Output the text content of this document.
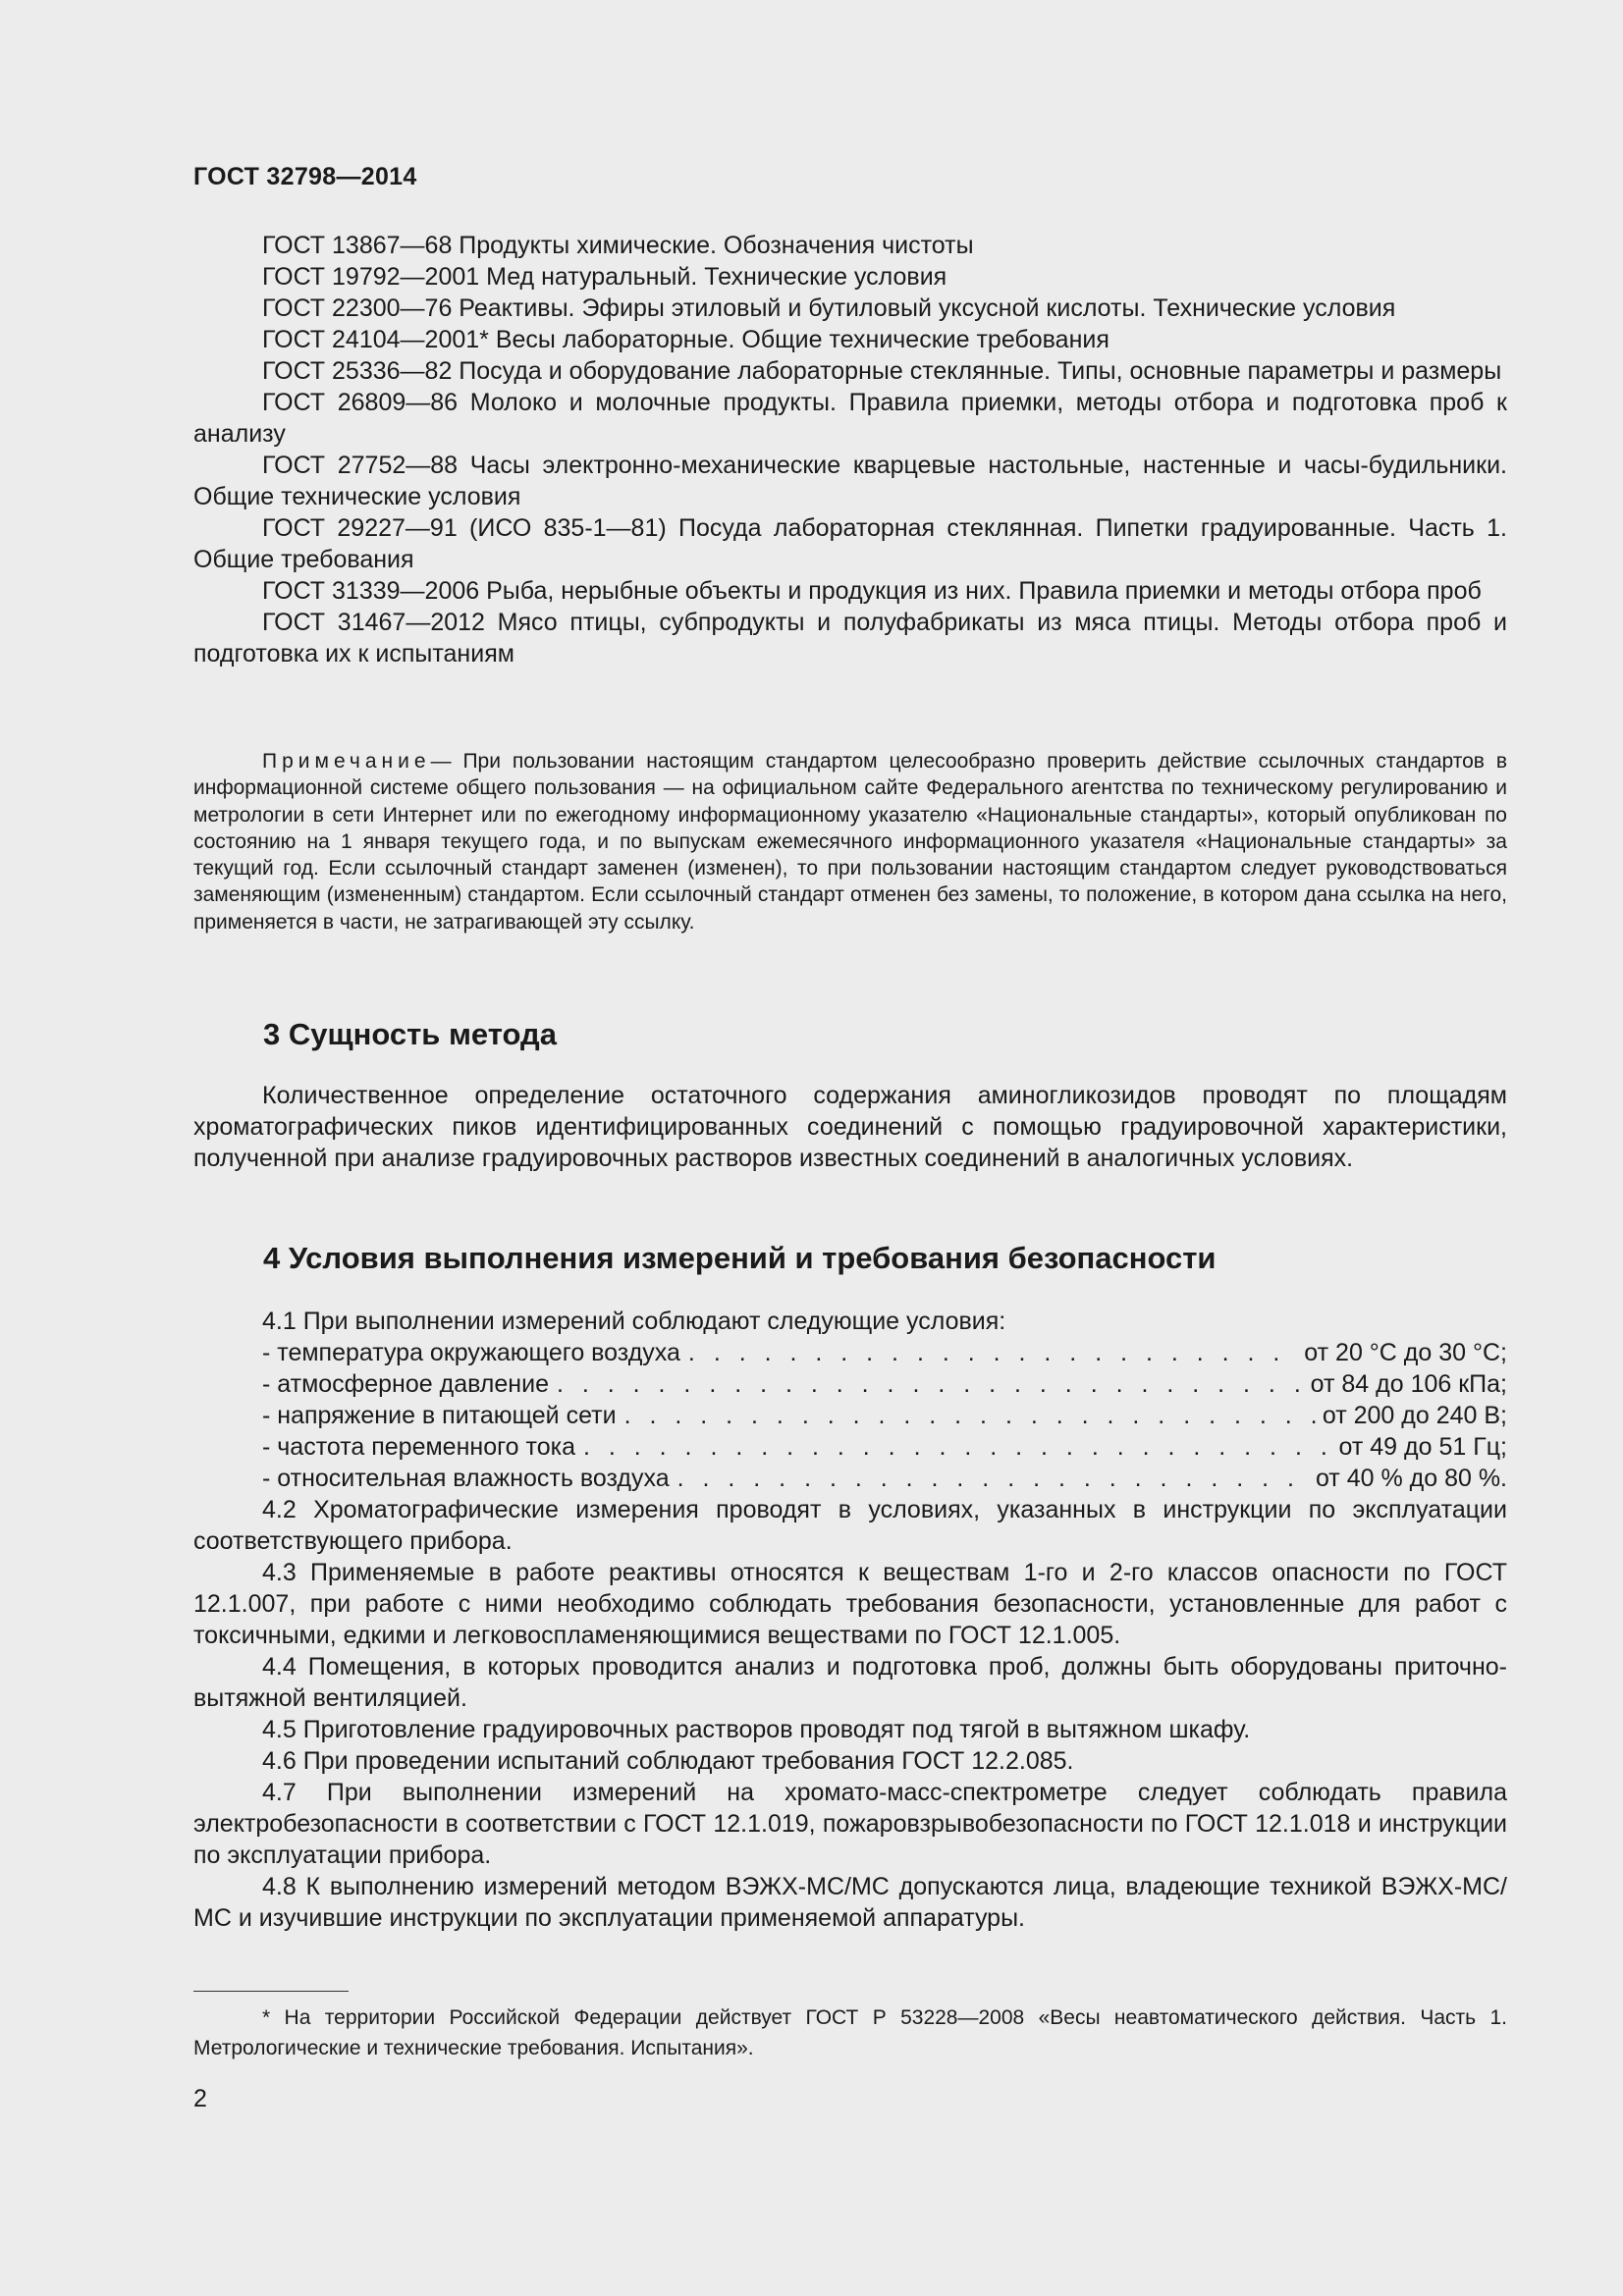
ГОСТ 32798—2014

ГОСТ 13867—68 Продукты химические. Обозначения чистоты

ГОСТ 19792—2001 Мед натуральный. Технические условия

ГОСТ 22300—76 Реактивы. Эфиры этиловый и бутиловый уксусной кислоты. Технические условия

ГОСТ 24104—2001* Весы лабораторные. Общие технические требования

ГОСТ 25336—82 Посуда и оборудование лабораторные стеклянные. Типы, основные параметры и размеры

ГОСТ 26809—86 Молоко и молочные продукты. Правила приемки, методы отбора и подготовка проб к анализу

ГОСТ 27752—88 Часы электронно-механические кварцевые настольные, настенные и часы-будильники. Общие технические условия

ГОСТ 29227—91 (ИСО 835-1—81) Посуда лабораторная стеклянная. Пипетки градуированные. Часть 1. Общие требования

ГОСТ 31339—2006 Рыба, нерыбные объекты и продукция из них. Правила приемки и методы отбора проб

ГОСТ 31467—2012 Мясо птицы, субпродукты и полуфабрикаты из мяса птицы. Методы отбора проб и подготовка их к испытаниям

Примечание— При пользовании настоящим стандартом целесообразно проверить действие ссылочных стандартов в информационной системе общего пользования — на официальном сайте Федерального агентства по техническому регулированию и метрологии в сети Интернет или по ежегодному информационному указателю «Национальные стандарты», который опубликован по состоянию на 1 января текущего года, и по выпускам ежемесячного информационного указателя «Национальные стандарты» за текущий год. Если ссылочный стандарт заменен (изменен), то при пользовании настоящим стандартом следует руководствоваться заменяющим (измененным) стандартом. Если ссылочный стандарт отменен без замены, то положение, в котором дана ссылка на него, применяется в части, не затрагивающей эту ссылку.

3 Сущность метода

Количественное определение остаточного содержания аминогликозидов проводят по площадям хроматографических пиков идентифицированных соединений с помощью градуировочной характеристики, полученной при анализе градуировочных растворов известных соединений в аналогичных условиях.

4 Условия выполнения измерений и требования безопасности

4.1 При выполнении измерений соблюдают следующие условия:

- температура окружающего воздуха . . .	от 20 °С до 30 °С;
- атмосферное давление . . .	от 84 до 106 кПа;
- напряжение в питающей сети . . .	от 200 до 240 В;
- частота переменного тока . . .	от 49 до 51 Гц;
- относительная влажность воздуха . . .	от 40 % до 80 %.

4.2 Хроматографические измерения проводят в условиях, указанных в инструкции по эксплуатации соответствующего прибора.

4.3 Применяемые в работе реактивы относятся к веществам 1-го и 2-го классов опасности по ГОСТ 12.1.007, при работе с ними необходимо соблюдать требования безопасности, установленные для работ с токсичными, едкими и легковоспламеняющимися веществами по ГОСТ 12.1.005.

4.4 Помещения, в которых проводится анализ и подготовка проб, должны быть оборудованы приточно-вытяжной вентиляцией.

4.5 Приготовление градуировочных растворов проводят под тягой в вытяжном шкафу.

4.6 При проведении испытаний соблюдают требования ГОСТ 12.2.085.

4.7 При выполнении измерений на хромато-масс-спектрометре следует соблюдать правила электробезопасности в соответствии с ГОСТ 12.1.019, пожаровзрывобезопасности по ГОСТ 12.1.018 и инструкции по эксплуатации прибора.

4.8 К выполнению измерений методом ВЭЖХ-МС/МС допускаются лица, владеющие техникой ВЭЖХ-МС/МС и изучившие инструкции по эксплуатации применяемой аппаратуры.

* На территории Российской Федерации действует ГОСТ Р 53228—2008 «Весы неавтоматического действия. Часть 1. Метрологические и технические требования. Испытания».

2
